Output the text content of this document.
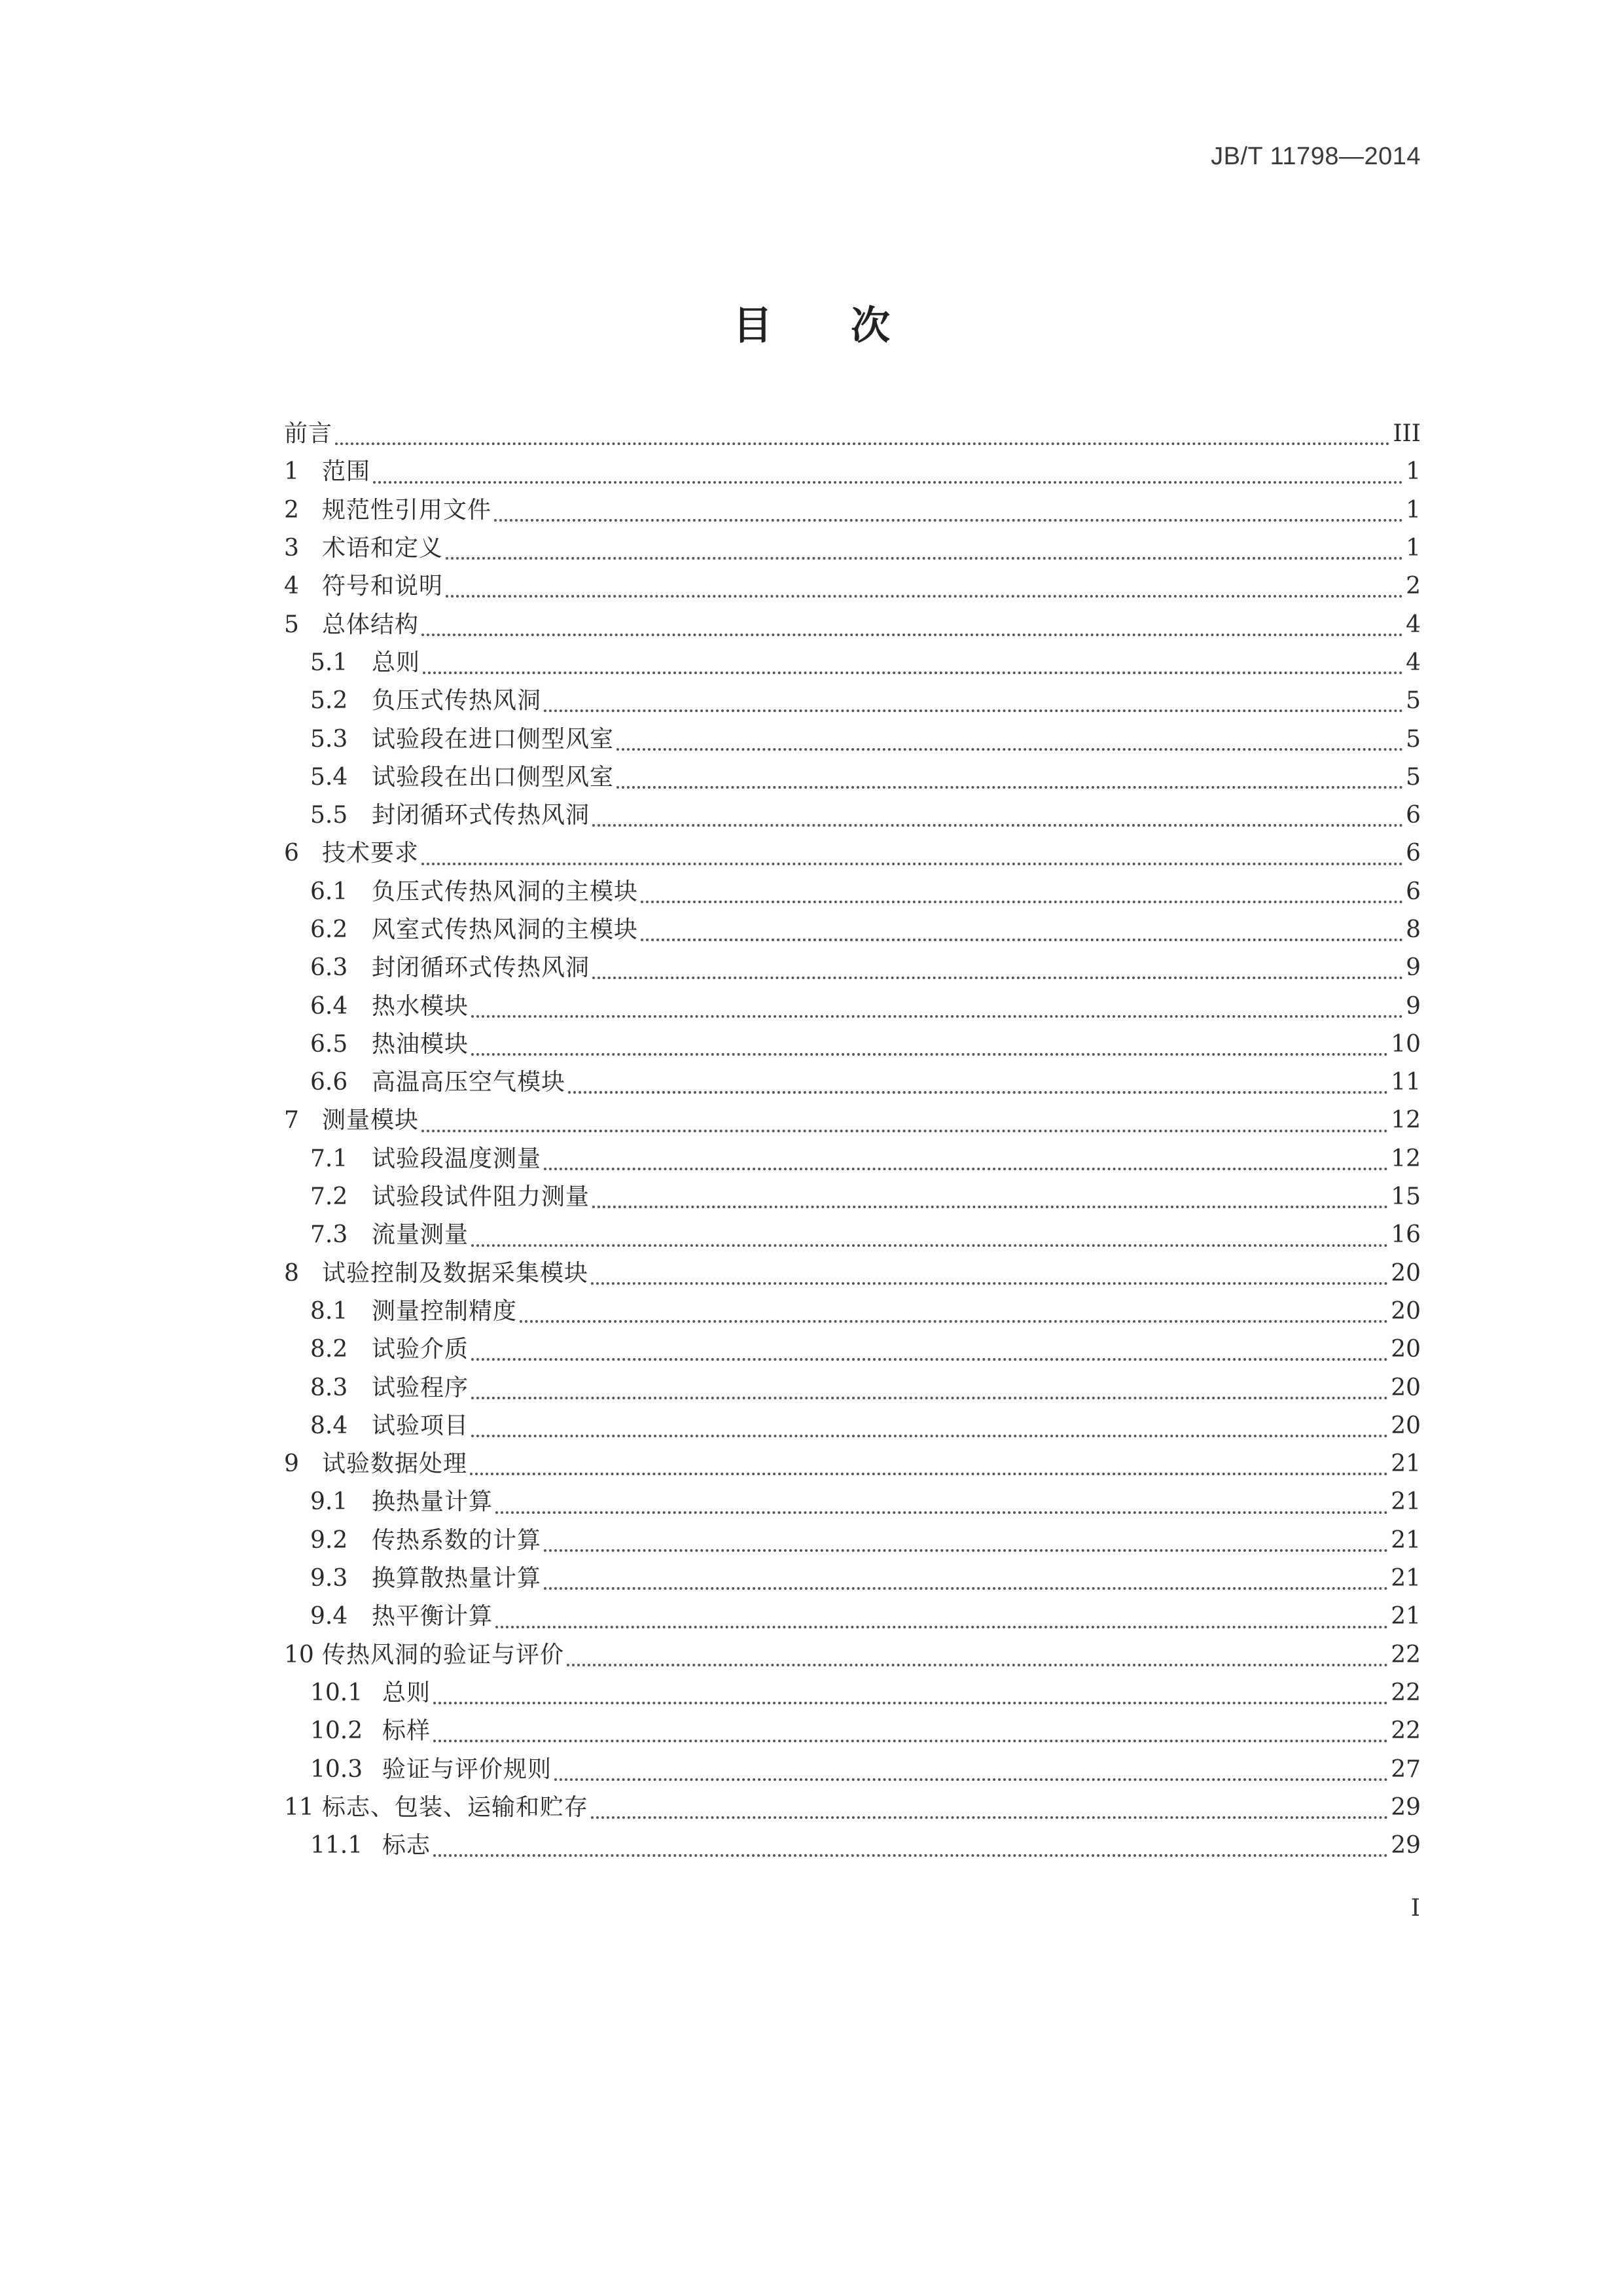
JB/T 11798—2014
目 次
前言	III
1 范围	1
2 规范性引用文件	1
3 术语和定义	1
4 符号和说明	2
5 总体结构	4
5.1	总则	4
5.2	负压式传热风洞	5
5.3	试验段在进口侧型风室	5
5.4	试验段在出口侧型风室	5
5.5	封闭循环式传热风洞	6
6 技术要求	6
6.1	负压式传热风洞的主模块	6
6.2	风室式传热风洞的主模块	8
6.3	封闭循环式传热风洞	9
6.4	热水模块	9
6.5	热油模块	10
6.6	高温高压空气模块	11
7 测量模块	12
7.1	试验段温度测量	12
7.2	试验段试件阻力测量	15
7.3	流量测量	16
8 试验控制及数据采集模块	20
8.1	测量控制精度	20
8.2	试验介质	20
8.3	试验程序	20
8.4	试验项目	20
9 试验数据处理	21
9.1	换热量计算	21
9.2	传热系数的计算	21
9.3	换算散热量计算	21
9.4	热平衡计算	21
10 传热风洞的验证与评价	22
10.1 总则	22
10.2 标样	22
10.3 验证与评价规则	27
11 标志、包装、运输和贮存	29
11.1 标志	29
I
